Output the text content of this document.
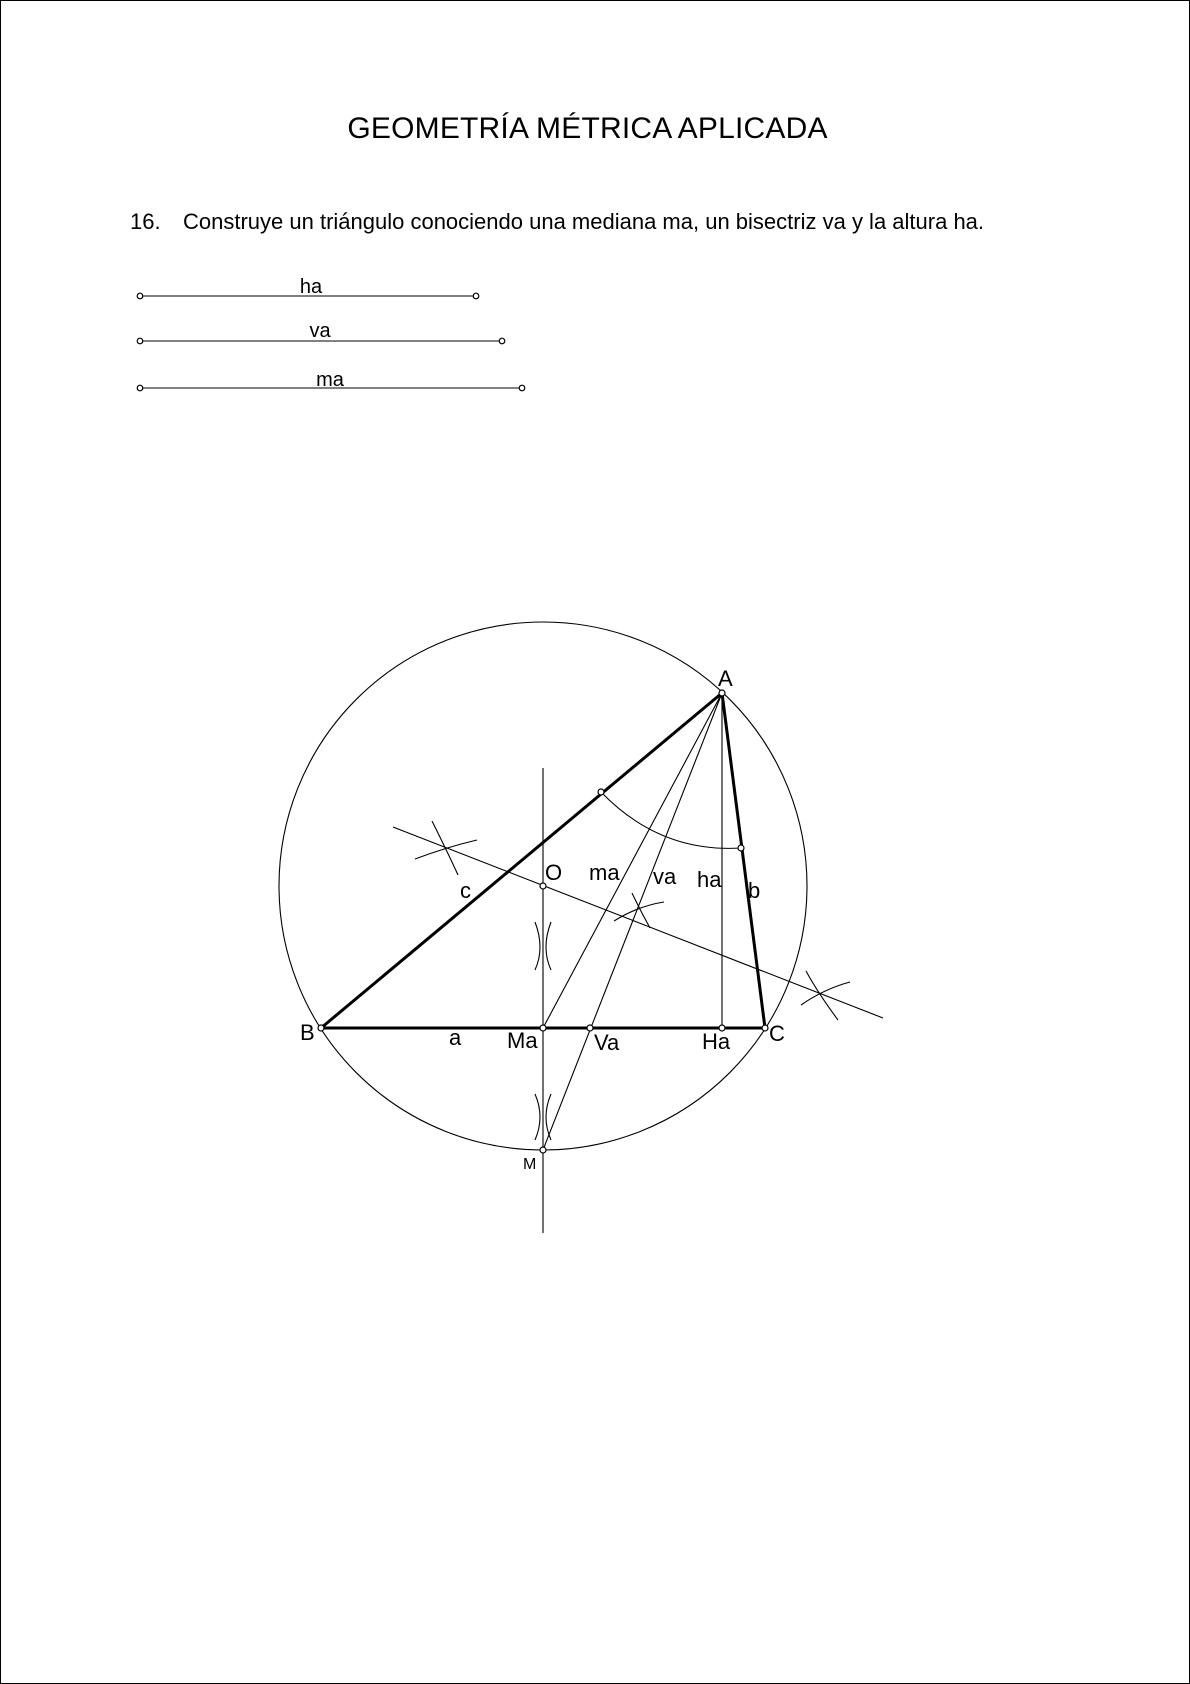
GEOMETRÍA MÉTRICA APLICADA
16. Construye un triángulo conociendo una mediana ma, un bisectriz va y la altura ha.
ha
va
ma
A
B	C
O
M
Ma	Va	Ha
a
b
c
ma va ha
